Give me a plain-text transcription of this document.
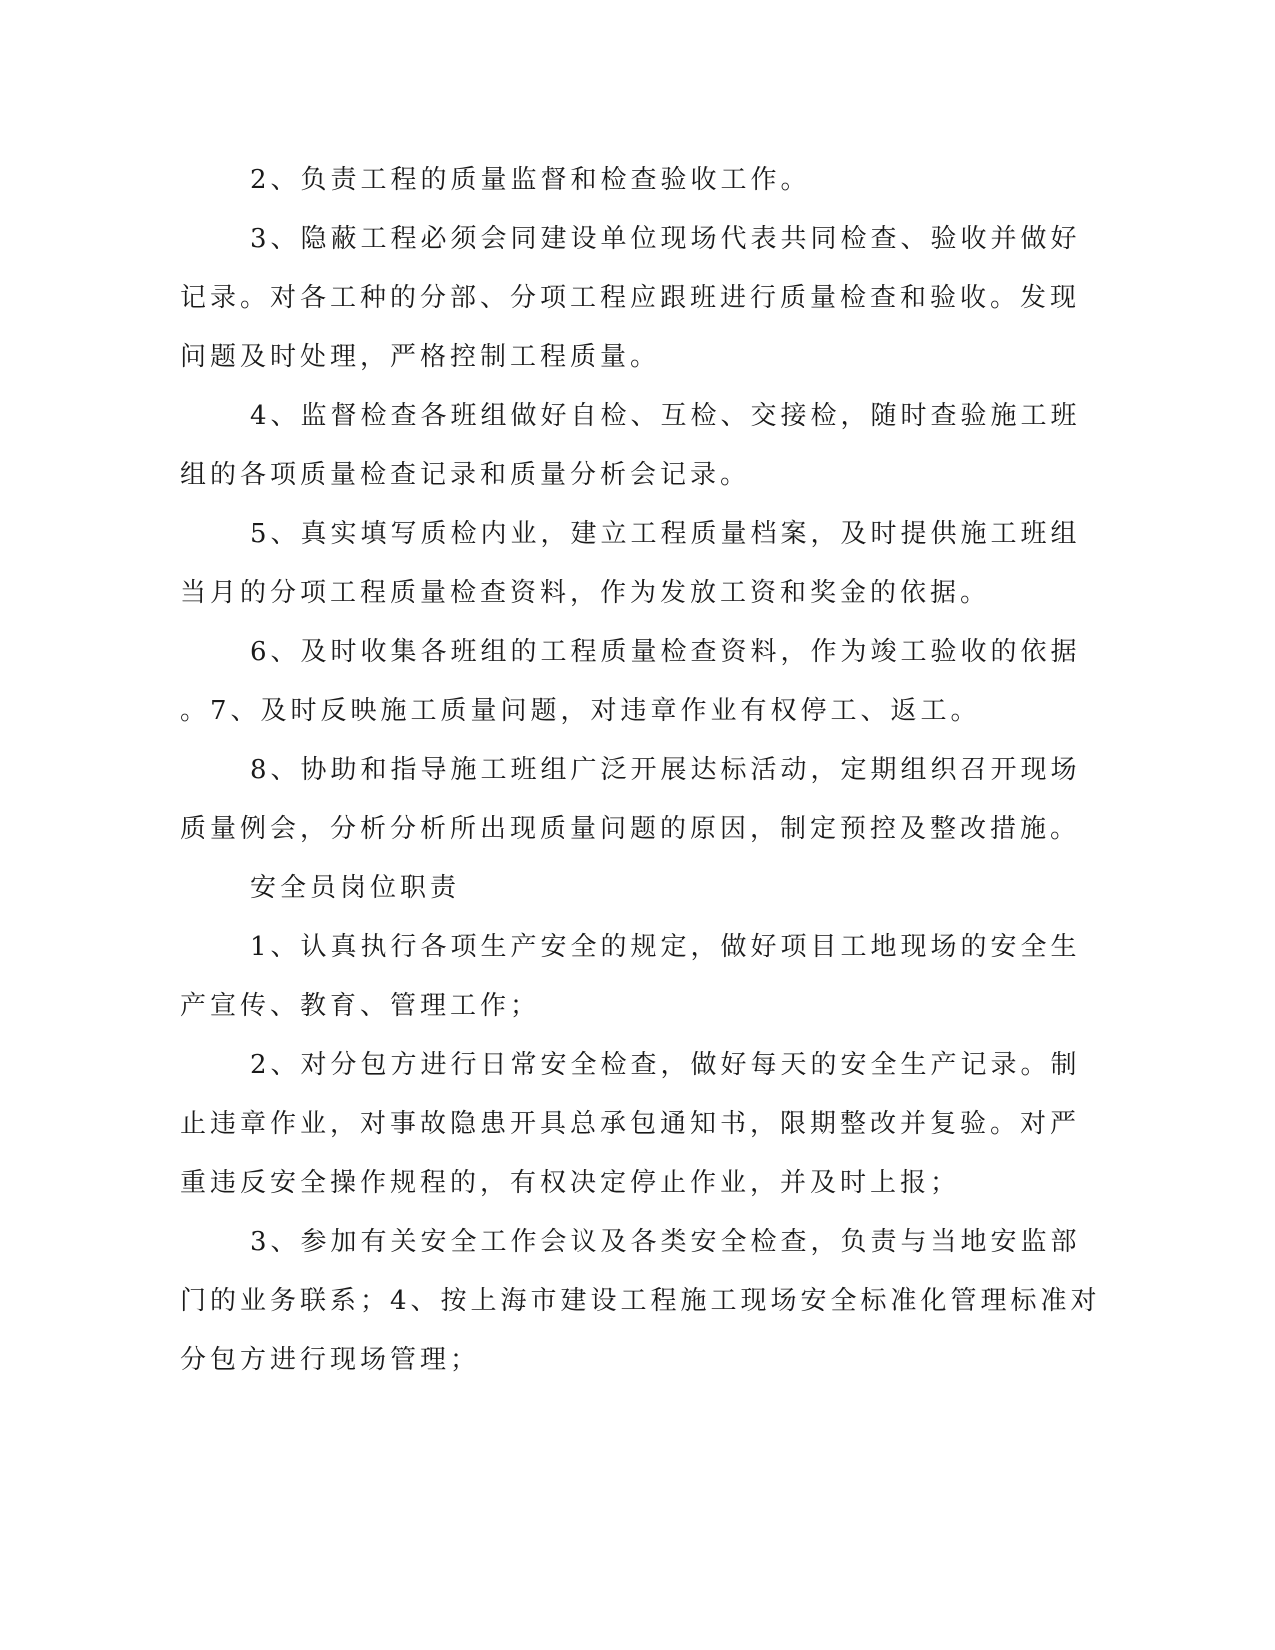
2、负责工程的质量监督和检查验收工作。
3、隐蔽工程必须会同建设单位现场代表共同检查、验收并做好
记录。对各工种的分部、分项工程应跟班进行质量检查和验收。发现
问题及时处理，严格控制工程质量。
4、监督检查各班组做好自检、互检、交接检，随时查验施工班
组的各项质量检查记录和质量分析会记录。
5、真实填写质检内业，建立工程质量档案，及时提供施工班组
当月的分项工程质量检查资料，作为发放工资和奖金的依据。
6、及时收集各班组的工程质量检查资料，作为竣工验收的依据
。7、及时反映施工质量问题，对违章作业有权停工、返工。
8、协助和指导施工班组广泛开展达标活动，定期组织召开现场
质量例会，分析分析所出现质量问题的原因，制定预控及整改措施。
安全员岗位职责
1、认真执行各项生产安全的规定，做好项目工地现场的安全生
产宣传、教育、管理工作；
2、对分包方进行日常安全检查，做好每天的安全生产记录。制
止违章作业，对事故隐患开具总承包通知书，限期整改并复验。对严
重违反安全操作规程的，有权决定停止作业，并及时上报；
3、参加有关安全工作会议及各类安全检查，负责与当地安监部
门的业务联系；4、按上海市建设工程施工现场安全标准化管理标准对
分包方进行现场管理；
